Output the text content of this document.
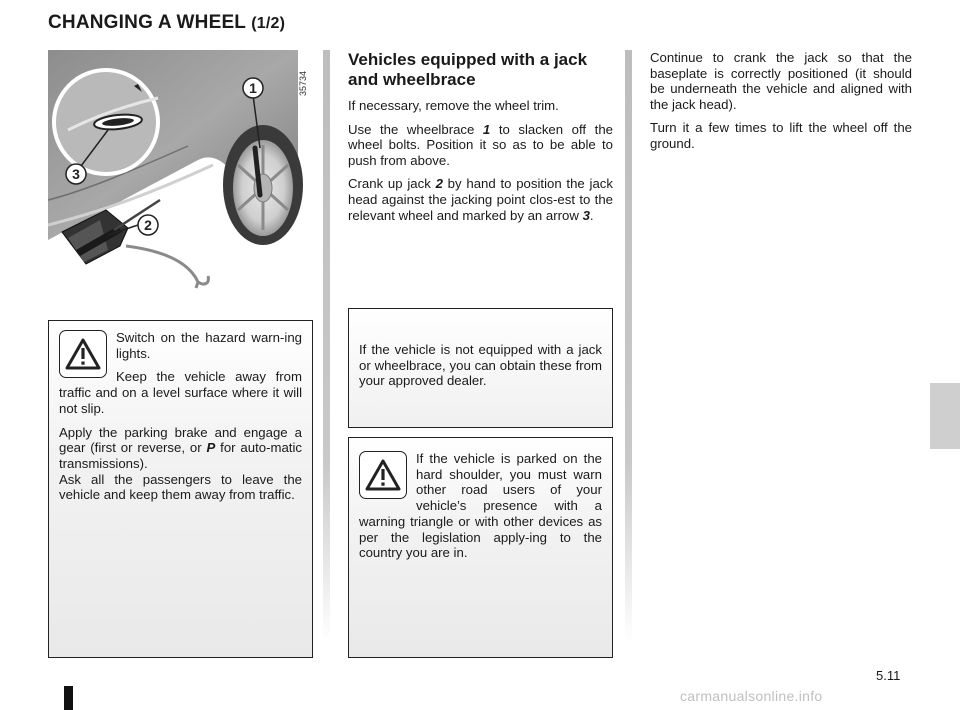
CHANGING A WHEEL (1/2)
1
3
2
35734
Vehicles equipped with a jack and wheelbrace

If necessary, remove the wheel trim.

Use the wheelbrace 1 to slacken off the wheel bolts. Position it so as to be able to push from above.

Crank up jack 2 by hand to position the jack head against the jacking point clos-est to the relevant wheel and marked by an arrow 3.

Continue to crank the jack so that the baseplate is correctly positioned (it should be underneath the vehicle and aligned with the jack head).

Turn it a few times to lift the wheel off the ground.

Switch on the hazard warn-ing lights.

Keep the vehicle away from traffic and on a level surface where it will not slip.

Apply the parking brake and engage a gear (first or reverse, or P for auto-matic transmissions).

Ask all the passengers to leave the vehicle and keep them away from traffic.

If the vehicle is not equipped with a jack or wheelbrace, you can obtain these from your approved dealer.

If the vehicle is parked on the hard shoulder, you must warn other road users of your vehicle’s presence with a warning triangle or with other devices as per the legislation apply-ing to the country you are in.

5.11
carmanualsonline.info
